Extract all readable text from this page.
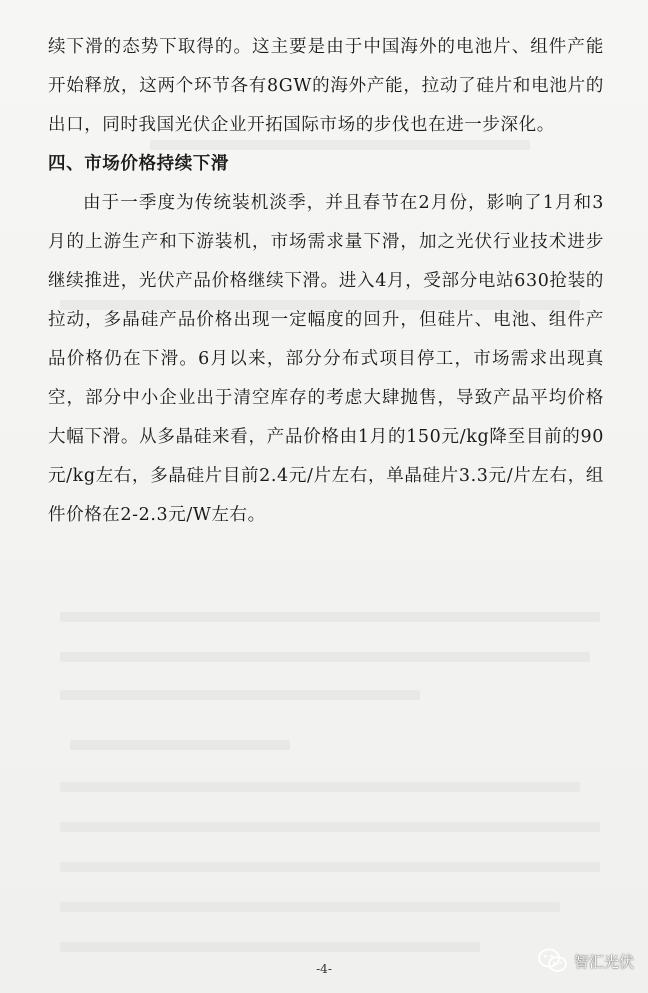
续下滑的态势下取得的。这主要是由于中国海外的电池片、组件产能开始释放，这两个环节各有8GW的海外产能，拉动了硅片和电池片的出口，同时我国光伏企业开拓国际市场的步伐也在进一步深化。

四、市场价格持续下滑

由于一季度为传统装机淡季，并且春节在2月份，影响了1月和3月的上游生产和下游装机，市场需求量下滑，加之光伏行业技术进步继续推进，光伏产品价格继续下滑。进入4月，受部分电站630抢装的拉动，多晶硅产品价格出现一定幅度的回升，但硅片、电池、组件产品价格仍在下滑。6月以来，部分分布式项目停工，市场需求出现真空，部分中小企业出于清空库存的考虑大肆抛售，导致产品平均价格大幅下滑。从多晶硅来看，产品价格由1月的150元/kg降至目前的90元/kg左右，多晶硅片目前2.4元/片左右，单晶硅片3.3元/片左右，组件价格在2-2.3元/W左右。

-4-	智汇光伏
